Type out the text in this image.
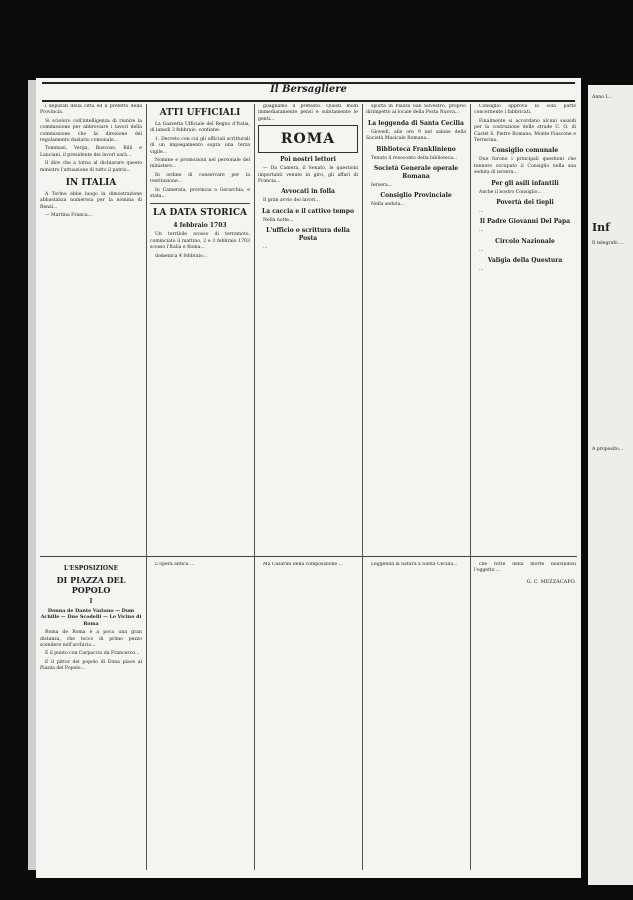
Il Bersagliere

i deputati della città ed il prefetto della Provincia.

Si scioloro coll'intelligenza di riunire la commissione per abbreviare i lavori della commissione che la direzione del regolamento daziario comunale...

Tommasi, Verga, Buscoso, Billi e Lanciani, il presidente dei lavori sarà...

Il dire che a torna al dichiarare questo ministro l'attuazione di tutto il patrio...

IN ITALIA

A Torino ebbe luogo la dimostrazione abbastanza numerosa per la nomina di Renzi...

— Martina Franca...

ATTI UFFICIALI

La Gazzetta Ufficiale del Regno d'Italia, di lunedì 3 febbraio, contiene:

1. Decreto con cui gli ufficiali scritturali di un impiegamento sopra una terza vigile...

Nomine e promozioni nel personale del ministero...

In ordine di conservare per la restituzione...

In Camerata, provincia a Gerarchia, e stata...

LA DATA STORICA
4 febbraio 1703

Un terribile scosso di terremoto, cominciato il mattino, 2 e 3 febbraio 1703 scosso l'Italia e Roma...

domenica 4 febbraio...

guagliamo il pretesto. Questi modi immediatamente pensi e subitamente le genti...

ROMA
Poi nostri lettori

— Da Camera, il Senato, le questioni importanti venute in giro, gli affari di Francia...

Avvocati in folla

Il gran avvio dei lavori...

La caccia e il cattivo tempo

Nella notte...

L'ufficio o scrittura della Posta

...

sporta in Piazza San Silvestro, proprio dirimpetto al locale della Posta Nuova...

La leggenda di Santa Cecilia

Giovedì, alle ore 9 nel salone della Società Musicale Romana...

Biblioteca Franklinieno

Tenuto il resoconto della biblioteca...

Società Generale operale Romana

Iersera...

Consiglio Provinciale

Nella seduta...

Consiglio approva la sola parte concernente i fabbricati.

Finalmente si accordano alcuni sussidi per la costruzione delle strade C. O. di Castel S. Pietro Romano, Monte Fiascone e Terracina.

Consiglio comunale

Due furono i principali questioni che tennero occupato il Consiglio nella sua seduta di iersera...

Per gli asili infantili

Anche il nostro Consiglio...

Povertà dei tiepli

...

Il Padre Giovanni Del Papa

...

Circolo Nazionale

...

Valigia della Questura

...

L'ESPOSIZIONE
DI PIAZZA DEL POPOLO
I
Donna de Dante Vaziano — Dom Achille — Due Scodelli — Le Vicino di Roma

Roma de Roma è a poca una gran distanza, che tocco di primo pezzo scendere nell'archivio...

È il punto con Carpaccio da Francesco...

E il pittor del popolo di Enna piace al Piazza del Popolo...

L'opera antica ...	Ma Casarini della composizione ...	Leggenda la natura a Santa Cecilia...	che tutte della morte neavindosi l'oggetto ...

G. C. MEZZACAPO.
Anno I...
Inf
Il telegrafo ...
A proposito...
